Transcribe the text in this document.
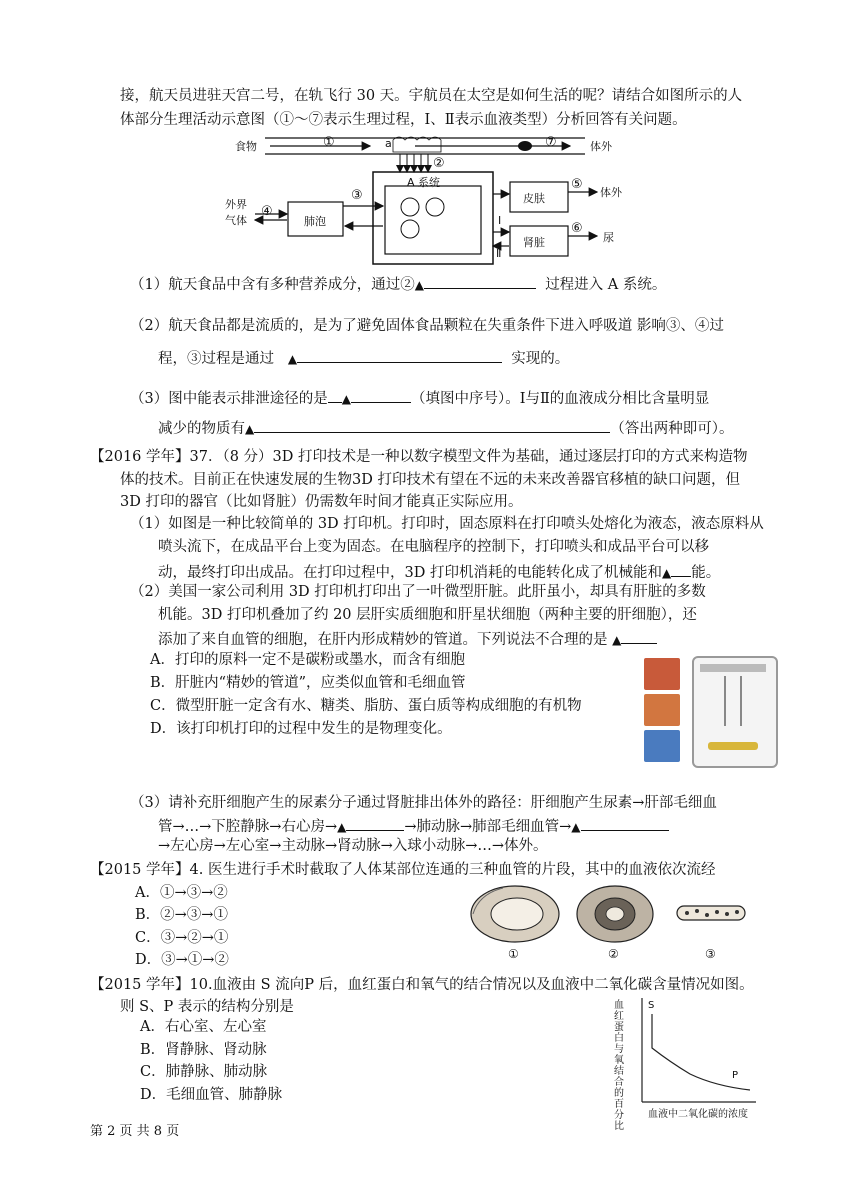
接，航天员进驻天宫二号，在轨飞行 30 天。宇航员在太空是如何生活的呢？请结合如图所示的人
体部分生理活动示意图（①～⑦表示生理过程，Ⅰ、Ⅱ表示血液类型）分析回答有关问题。
食物	①	a
②
⑦	体外
A 系统
外界
气体
④
肺泡
③	皮肤
肾脏
⑤
⑥
体外
尿
Ⅰ
Ⅱ
（1）航天食品中含有多种营养成分，通过②▲	过程进入 A 系统。
（2）航天食品都是流质的，是为了避免固体食品颗粒在失重条件下进入呼吸道 影响③、④过
程，③过程是通过 ▲	实现的。
（3）图中能表示排泄途径的是 ▲	（填图中序号）。Ⅰ与Ⅱ的血液成分相比含量明显
减少的物质有▲	（答出两种即可）。
【2016 学年】37．（8 分）3D 打印技术是一种以数字模型文件为基础，通过逐层打印的方式来构造物
体的技术。目前正在快速发展的生物3D 打印技术有望在不远的未来改善器官移植的缺口问题，但
3D 打印的器官（比如肾脏）仍需数年时间才能真正实际应用。
（1）如图是一种比较简单的 3D 打印机。打印时，固态原料在打印喷头处熔化为液态，液态原料从
喷头流下，在成品平台上变为固态。在电脑程序的控制下，打印喷头和成品平台可以移
动，最终打印出成品。在打印过程中，3D 打印机消耗的电能转化成了机械能和▲ 能。
（2）美国一家公司利用 3D 打印机打印出了一叶微型肝脏。此肝虽小，却具有肝脏的多数
机能。3D 打印机叠加了约 20 层肝实质细胞和肝星状细胞（两种主要的肝细胞），还
添加了来自血管的细胞，在肝内形成精妙的管道。下列说法不合理的是 ▲
A．打印的原料一定不是碳粉或墨水，而含有细胞
B．肝脏内“精妙的管道”，应类似血管和毛细血管
C．微型肝脏一定含有水、糖类、脂肪、蛋白质等构成细胞的有机物
D．该打印机打印的过程中发生的是物理变化。
（3）请补充肝细胞产生的尿素分子通过肾脏排出体外的路径：肝细胞产生尿素→肝部毛细血
管→…→下腔静脉→右心房→▲	→肺动脉→肺部毛细血管→▲
→左心房→左心室→主动脉→肾动脉→入球小动脉→…→体外。
【2015 学年】4. 医生进行手术时截取了人体某部位连通的三种血管的片段，其中的血液依次流经
A．①→③→②
B．②→③→①
C．③→②→①
D．③→①→②	①	②	③
【2015 学年】10.血液由 S 流向P 后，血红蛋白和氧气的结合情况以及血液中二氧化碳含量情况如图。
则 S、P 表示的结构分别是
A．右心室、左心室
B．肾静脉、肾动脉
C．肺静脉、肺动脉
D．毛细血管、肺静脉
血红蛋白与氧结合的百分比
S
P
血液中二氧化碳的浓度
第 2 页 共 8 页
